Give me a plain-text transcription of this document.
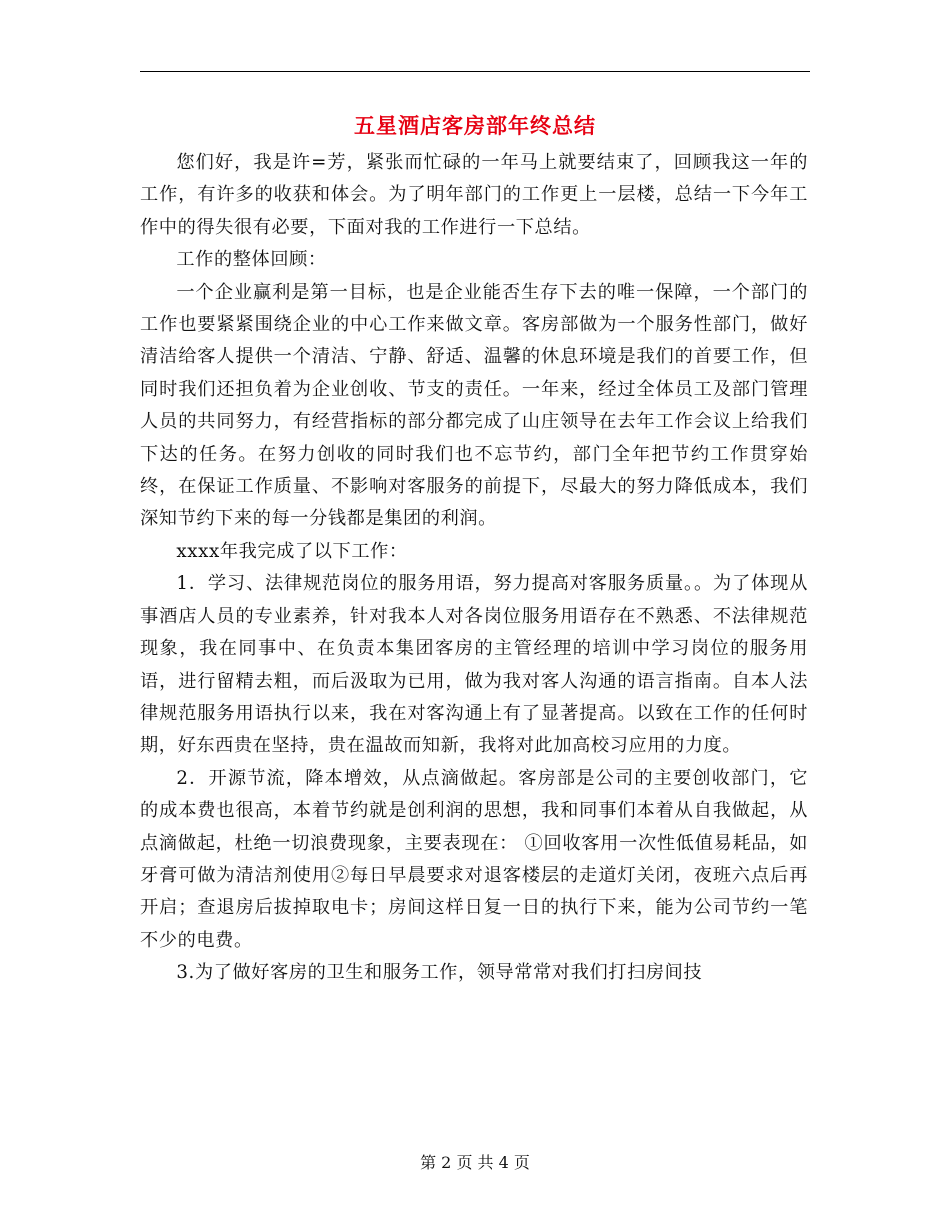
五星酒店客房部年终总结

您们好，我是许=芳，紧张而忙碌的一年马上就要结束了，回顾我这一年的工作，有许多的收获和体会。为了明年部门的工作更上一层楼，总结一下今年工作中的得失很有必要，下面对我的工作进行一下总结。

工作的整体回顾：

一个企业赢利是第一目标，也是企业能否生存下去的唯一保障，一个部门的工作也要紧紧围绕企业的中心工作来做文章。客房部做为一个服务性部门，做好清洁给客人提供一个清洁、宁静、舒适、温馨的休息环境是我们的首要工作，但同时我们还担负着为企业创收、节支的责任。一年来，经过全体员工及部门管理人员的共同努力，有经营指标的部分都完成了山庄领导在去年工作会议上给我们下达的任务。在努力创收的同时我们也不忘节约，部门全年把节约工作贯穿始终，在保证工作质量、不影响对客服务的前提下，尽最大的努力降低成本，我们深知节约下来的每一分钱都是集团的利润。

xxxx年我完成了以下工作：

1．学习、法律规范岗位的服务用语，努力提高对客服务质量。。为了体现从事酒店人员的专业素养，针对我本人对各岗位服务用语存在不熟悉、不法律规范现象，我在同事中、在负责本集团客房的主管经理的培训中学习岗位的服务用语，进行留精去粗，而后汲取为已用，做为我对客人沟通的语言指南。自本人法律规范服务用语执行以来，我在对客沟通上有了显著提高。以致在工作的任何时期，好东西贵在坚持，贵在温故而知新，我将对此加高校习应用的力度。

2．开源节流，降本增效，从点滴做起。客房部是公司的主要创收部门，它的成本费也很高，本着节约就是创利润的思想，我和同事们本着从自我做起，从点滴做起，杜绝一切浪费现象，主要表现在： ①回收客用一次性低值易耗品，如牙膏可做为清洁剂使用②每日早晨要求对退客楼层的走道灯关闭，夜班六点后再开启；查退房后拔掉取电卡；房间这样日复一日的执行下来，能为公司节约一笔不少的电费。

3.为了做好客房的卫生和服务工作，领导常常对我们打扫房间技

第 2 页 共 4 页
